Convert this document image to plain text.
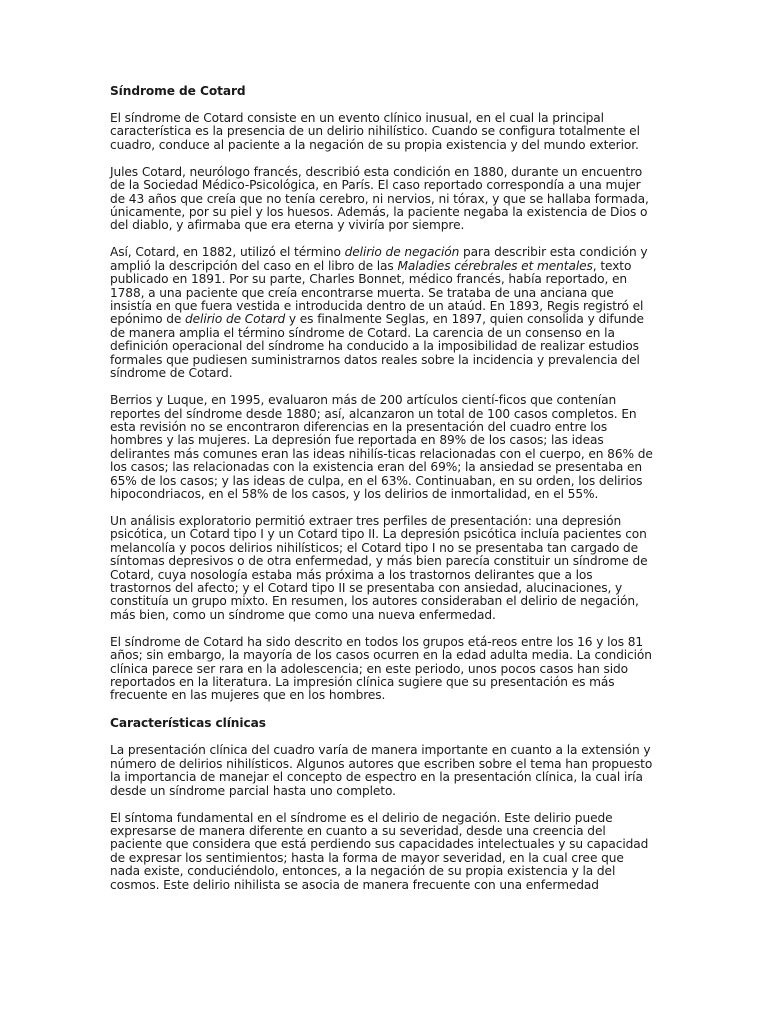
Síndrome de Cotard

El síndrome de Cotard consiste en un evento clínico inusual, en el cual la principal característica es la presencia de un delirio nihilístico. Cuando se configura totalmente el cuadro, conduce al paciente a la negación de su propia existencia y del mundo exterior.

Jules Cotard, neurólogo francés, describió esta condición en 1880, durante un encuentro de la Sociedad Médico-Psicológica, en París. El caso reportado correspondía a una mujer de 43 años que creía que no tenía cerebro, ni nervios, ni tórax, y que se hallaba formada, únicamente, por su piel y los huesos. Además, la paciente negaba la existencia de Dios o del diablo, y afirmaba que era eterna y viviría por siempre.

Así, Cotard, en 1882, utilizó el término delirio de negación para describir esta condición y amplió la descripción del caso en el libro de las Maladies cérebrales et mentales, texto publicado en 1891. Por su parte, Charles Bonnet, médico francés, había reportado, en 1788, a una paciente que creía encontrarse muerta. Se trataba de una anciana que insistía en que fuera vestida e introducida dentro de un ataúd. En 1893, Regis registró el epónimo de delirio de Cotard y es finalmente Seglas, en 1897, quien consolida y difunde de manera amplia el término síndrome de Cotard. La carencia de un consenso en la definición operacional del síndrome ha conducido a la imposibilidad de realizar estudios formales que pudiesen suministrarnos datos reales sobre la incidencia y prevalencia del síndrome de Cotard.

Berrios y Luque, en 1995, evaluaron más de 200 artículos cientí-ficos que contenían reportes del síndrome desde 1880; así, alcanzaron un total de 100 casos completos. En esta revisión no se encontraron diferencias en la presentación del cuadro entre los hombres y las mujeres. La depresión fue reportada en 89% de los casos; las ideas delirantes más comunes eran las ideas nihilís-ticas relacionadas con el cuerpo, en 86% de los casos; las relacionadas con la existencia eran del 69%; la ansiedad se presentaba en 65% de los casos; y las ideas de culpa, en el 63%. Continuaban, en su orden, los delirios hipocondriacos, en el 58% de los casos, y los delirios de inmortalidad, en el 55%.

Un análisis exploratorio permitió extraer tres perfiles de presentación: una depresión psicótica, un Cotard tipo I y un Cotard tipo II. La depresión psicótica incluía pacientes con melancolía y pocos delirios nihilísticos; el Cotard tipo I no se presentaba tan cargado de síntomas depresivos o de otra enfermedad, y más bien parecía constituir un síndrome de Cotard, cuya nosología estaba más próxima a los trastornos delirantes que a los trastornos del afecto; y el Cotard tipo II se presentaba con ansiedad, alucinaciones, y constituía un grupo mixto. En resumen, los autores consideraban el delirio de negación, más bien, como un síndrome que como una nueva enfermedad.

El síndrome de Cotard ha sido descrito en todos los grupos etá-reos entre los 16 y los 81 años; sin embargo, la mayoría de los casos ocurren en la edad adulta media. La condición clínica parece ser rara en la adolescencia; en este periodo, unos pocos casos han sido reportados en la literatura. La impresión clínica sugiere que su presentación es más frecuente en las mujeres que en los hombres.

Características clínicas

La presentación clínica del cuadro varía de manera importante en cuanto a la extensión y número de delirios nihilísticos. Algunos autores que escriben sobre el tema han propuesto la importancia de manejar el concepto de espectro en la presentación clínica, la cual iría desde un síndrome parcial hasta uno completo.

El síntoma fundamental en el síndrome es el delirio de negación. Este delirio puede expresarse de manera diferente en cuanto a su severidad, desde una creencia del paciente que considera que está perdiendo sus capacidades intelectuales y su capacidad de expresar los sentimientos; hasta la forma de mayor severidad, en la cual cree que nada existe, conduciéndolo, entonces, a la negación de su propia existencia y la del cosmos. Este delirio nihilista se asocia de manera frecuente con una enfermedad
